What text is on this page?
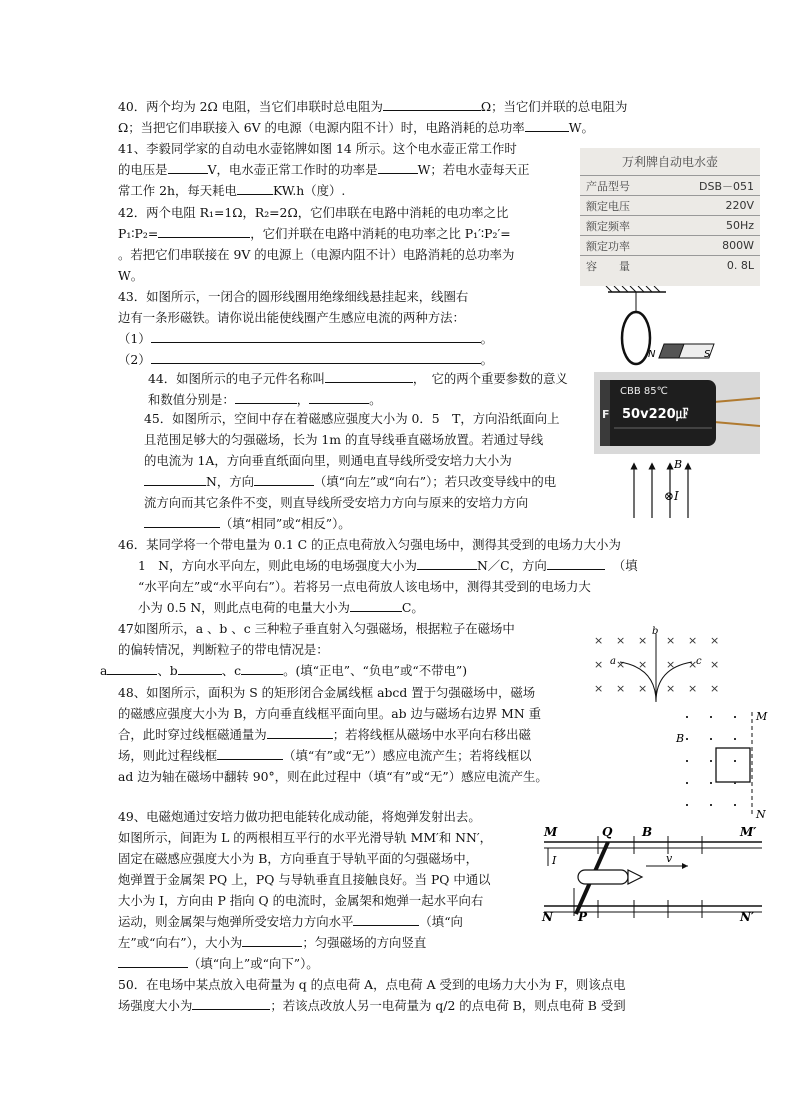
40．两个均为 2Ω 电阻，当它们串联时总电阻为	Ω；当它们并联的总电阻为

Ω；当把它们串联接入 6V 的电源（电源内阻不计）时，电路消耗的总功率	W。

41、李毅同学家的自动电水壶铭牌如图 14 所示。这个电水壶正常工作时

的电压是	V，电水壶正常工作时的功率是	W；若电水壶每天正

常工作 2h，每天耗电	KW.h（度）.

万利牌自动电水壶
产品型号	DSB－051
额定电压	220V
额定频率	50Hz
额定功率	800W
容　　量	0. 8L

42．两个电阻 R₁=1Ω，R₂=2Ω，它们串联在电路中消耗的电功率之比

P₁∶P₂=	，它们并联在电路中消耗的电功率之比 P₁′∶P₂′=

。若把它们串联接在 9V 的电源上（电源内阻不计）电路消耗的总功率为

W。

43．如图所示，一闭合的圆形线圈用绝缘细线悬挂起来，线圈右

边有一条形磁铁。请你说出能使线圈产生感应电流的两种方法：

（1）	。

（2）	。	N	S

44．如图所示的电子元件名称叫	，　它的两个重要参数的意义

和数值分别是：	，	。

CBB 85℃
F 50v220㎌

45．如图所示，空间中存在着磁感应强度大小为 0．5　T，方向沿纸面向上

且范围足够大的匀强磁场，长为 1m 的直导线垂直磁场放置。若通过导线

的电流为 1A，方向垂直纸面向里，则通电直导线所受安培力大小为

N，方向	（填“向左”或“向右”）；若只改变导线中的电

流方向而其它条件不变，则直导线所受安培力方向与原来的安培力方向

（填“相同”或“相反”）。

B
⊗I

46．某同学将一个带电量为 0.1 C 的正点电荷放入匀强电场中，测得其受到的电场力大小为

1　N，方向水平向左，则此电场的电场强度大小为	N／C，方向	（填

“水平向左”或“水平向右”）。若将另一点电荷放人该电场中，测得其受到的电场力大

小为 0.5 N，则此点电荷的电量大小为	C。

47如图所示，a 、b 、c 三种粒子垂直射入匀强磁场，根据粒子在磁场中

的偏转情况，判断粒子的带电情况是：

a	、b	、c	。(填“正电”、“负电”或“不带电”)

× × × × × ×
× × × × × ×
× × × × × ×
a
b
c

48、如图所示，面积为 S 的矩形闭合金属线框 abcd 置于匀强磁场中，磁场

的磁感应强度大小为 B，方向垂直线框平面向里。ab 边与磁场右边界 MN 重

合，此时穿过线框磁通量为	；若将线框从磁场中水平向右移出磁

场，则此过程线框	（填“有”或“无”）感应电流产生；若将线框以

ad 边为轴在磁场中翻转 90°，则在此过程中（填“有”或“无”）感应电流产生。

M
N
B

49、电磁炮通过安培力做功把电能转化成动能，将炮弹发射出去。

如图所示，间距为 L 的两根相互平行的水平光滑导轨 MM′和 NN′，

固定在磁感应强度大小为 B，方向垂直于导轨平面的匀强磁场中，

炮弹置于金属架 PQ 上，PQ 与导轨垂直且接触良好。当 PQ 中通以

大小为 I，方向由 P 指向 Q 的电流时，金属架和炮弹一起水平向右

运动，则金属架与炮弹所受安培力方向水平	（填“向

左”或“向右”），大小为	；匀强磁场的方向竖直

（填“向上”或“向下”）。

M	Q B	M′
v
I
N P	N′

50．在电场中某点放入电荷量为 q 的点电荷 A，点电荷 A 受到的电场力大小为 F，则该点电

场强度大小为	；若该点改放人另一电荷量为 q/2 的点电荷 B，则点电荷 B 受到
